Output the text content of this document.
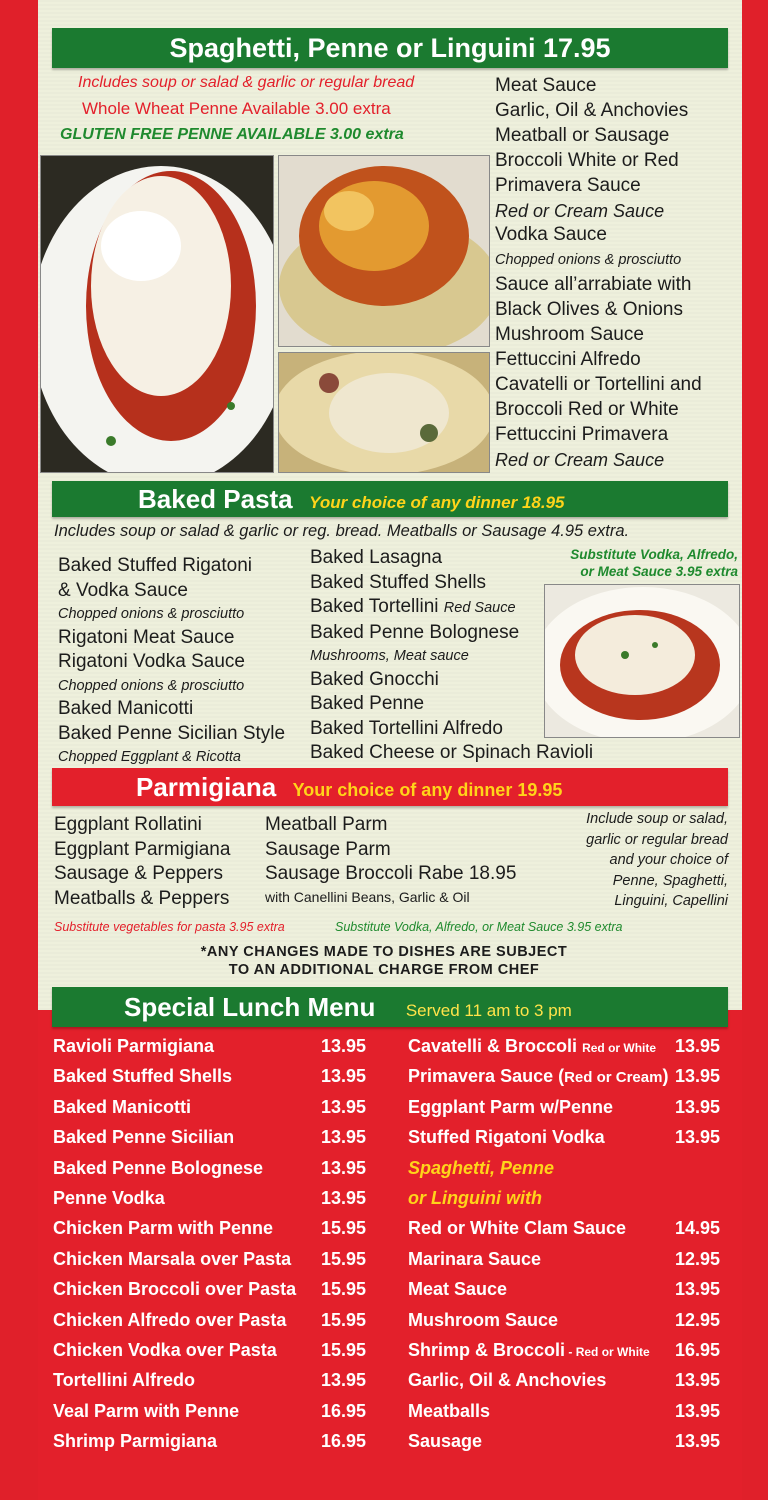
Spaghetti, Penne or Linguini 17.95
Includes soup or salad & garlic or regular bread
Whole Wheat Penne Available 3.00 extra
GLUTEN FREE PENNE AVAILABLE 3.00 extra
Meat Sauce
Garlic, Oil & Anchovies
Meatball or Sausage
Broccoli White or Red
Primavera Sauce
Red or Cream Sauce
Vodka Sauce
Chopped onions & prosciutto
Sauce all’arrabiate with
Black Olives & Onions
Mushroom Sauce
Fettuccini Alfredo
Cavatelli or Tortellini and
Broccoli Red or White
Fettuccini Primavera
Red or Cream Sauce
Baked Pasta Your choice of any dinner 18.95
Includes soup or salad & garlic or reg. bread. Meatballs or Sausage 4.95 extra.
Baked Stuffed Rigatoni
& Vodka Sauce
Chopped onions & prosciutto
Rigatoni Meat Sauce
Rigatoni Vodka Sauce
Chopped onions & prosciutto
Baked Manicotti
Baked Penne Sicilian Style
Chopped Eggplant & Ricotta
Baked Lasagna
Baked Stuffed Shells
Baked Tortellini Red Sauce
Baked Penne Bolognese
Mushrooms, Meat sauce
Baked Gnocchi
Baked Penne
Baked Tortellini Alfredo
Baked Cheese or Spinach Ravioli
Substitute Vodka, Alfredo,
or Meat Sauce 3.95 extra
Parmigiana Your choice of any dinner 19.95
Eggplant Rollatini
Eggplant Parmigiana
Sausage & Peppers
Meatballs & Peppers
Meatball Parm
Sausage Parm
Sausage Broccoli Rabe 18.95
with Canellini Beans, Garlic & Oil
Include soup or salad,
garlic or regular bread
and your choice of
Penne, Spaghetti,
Linguini, Capellini
Substitute vegetables for pasta 3.95 extra	Substitute Vodka, Alfredo, or Meat Sauce 3.95 extra
*ANY CHANGES MADE TO DISHES ARE SUBJECT
TO AN ADDITIONAL CHARGE FROM CHEF
Special Lunch Menu Served 11 am to 3 pm
Ravioli Parmigiana	13.95
Baked Stuffed Shells	13.95
Baked Manicotti	13.95
Baked Penne Sicilian	13.95
Baked Penne Bolognese	13.95
Penne Vodka	13.95
Chicken Parm with Penne	15.95
Chicken Marsala over Pasta 15.95
Chicken Broccoli over Pasta 15.95
Chicken Alfredo over Pasta 15.95
Chicken Vodka over Pasta 15.95
Tortellini Alfredo	13.95
Veal Parm with Penne	16.95
Shrimp Parmigiana	16.95
Cavatelli & Broccoli Red or White 13.95
Primavera Sauce (Red or Cream) 13.95
Eggplant Parm w/Penne	13.95
Stuffed Rigatoni Vodka	13.95
Spaghetti, Penne
or Linguini with
Red or White Clam Sauce	14.95
Marinara Sauce	12.95
Meat Sauce	13.95
Mushroom Sauce	12.95
Shrimp & Broccoli - Red or White 16.95
Garlic, Oil & Anchovies	13.95
Meatballs	13.95
Sausage	13.95
